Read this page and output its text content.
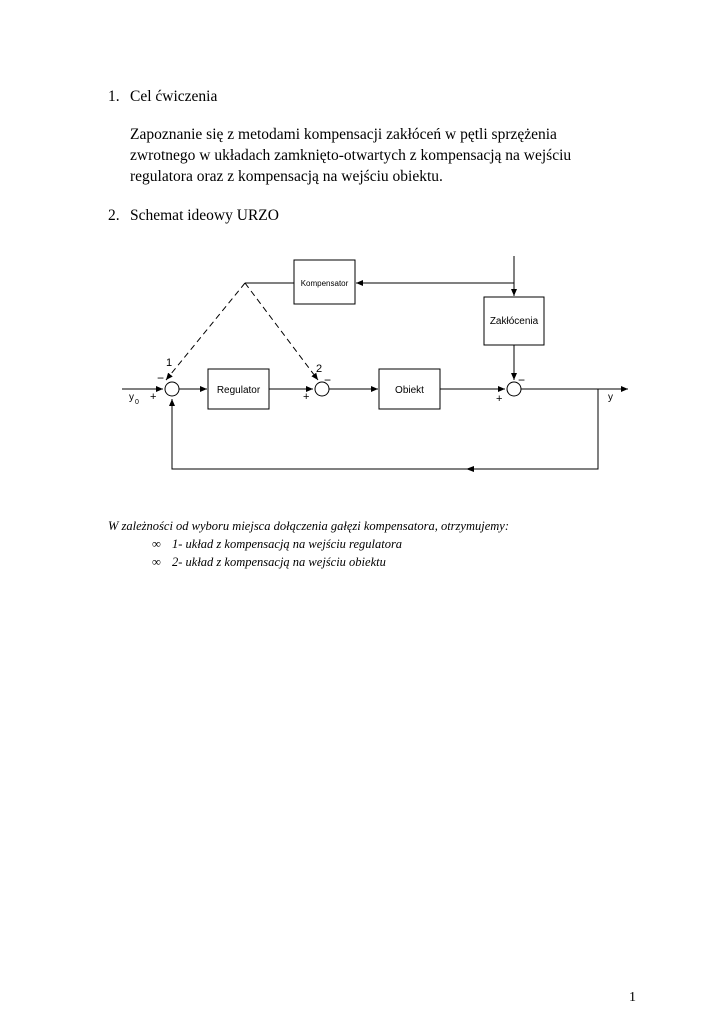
1. Cel ćwiczenia
Zapoznanie się z metodami kompensacji zakłóceń w pętli sprzężenia
zwrotnego w układach zamknięto-otwartych z kompensacją na wejściu
regulatora oraz z kompensacją na wejściu obiektu.
2. Schemat ideowy URZO
Kompensator
Zakłócenia
Regulator	Obiekt
y 0	y
1	2
−
+
−
+
−
+
W zależności od wyboru miejsca dołączenia gałęzi kompensatora, otrzymujemy:
∞ 1- układ z kompensacją na wejściu regulatora
∞ 2- układ z kompensacją na wejściu obiektu
1
